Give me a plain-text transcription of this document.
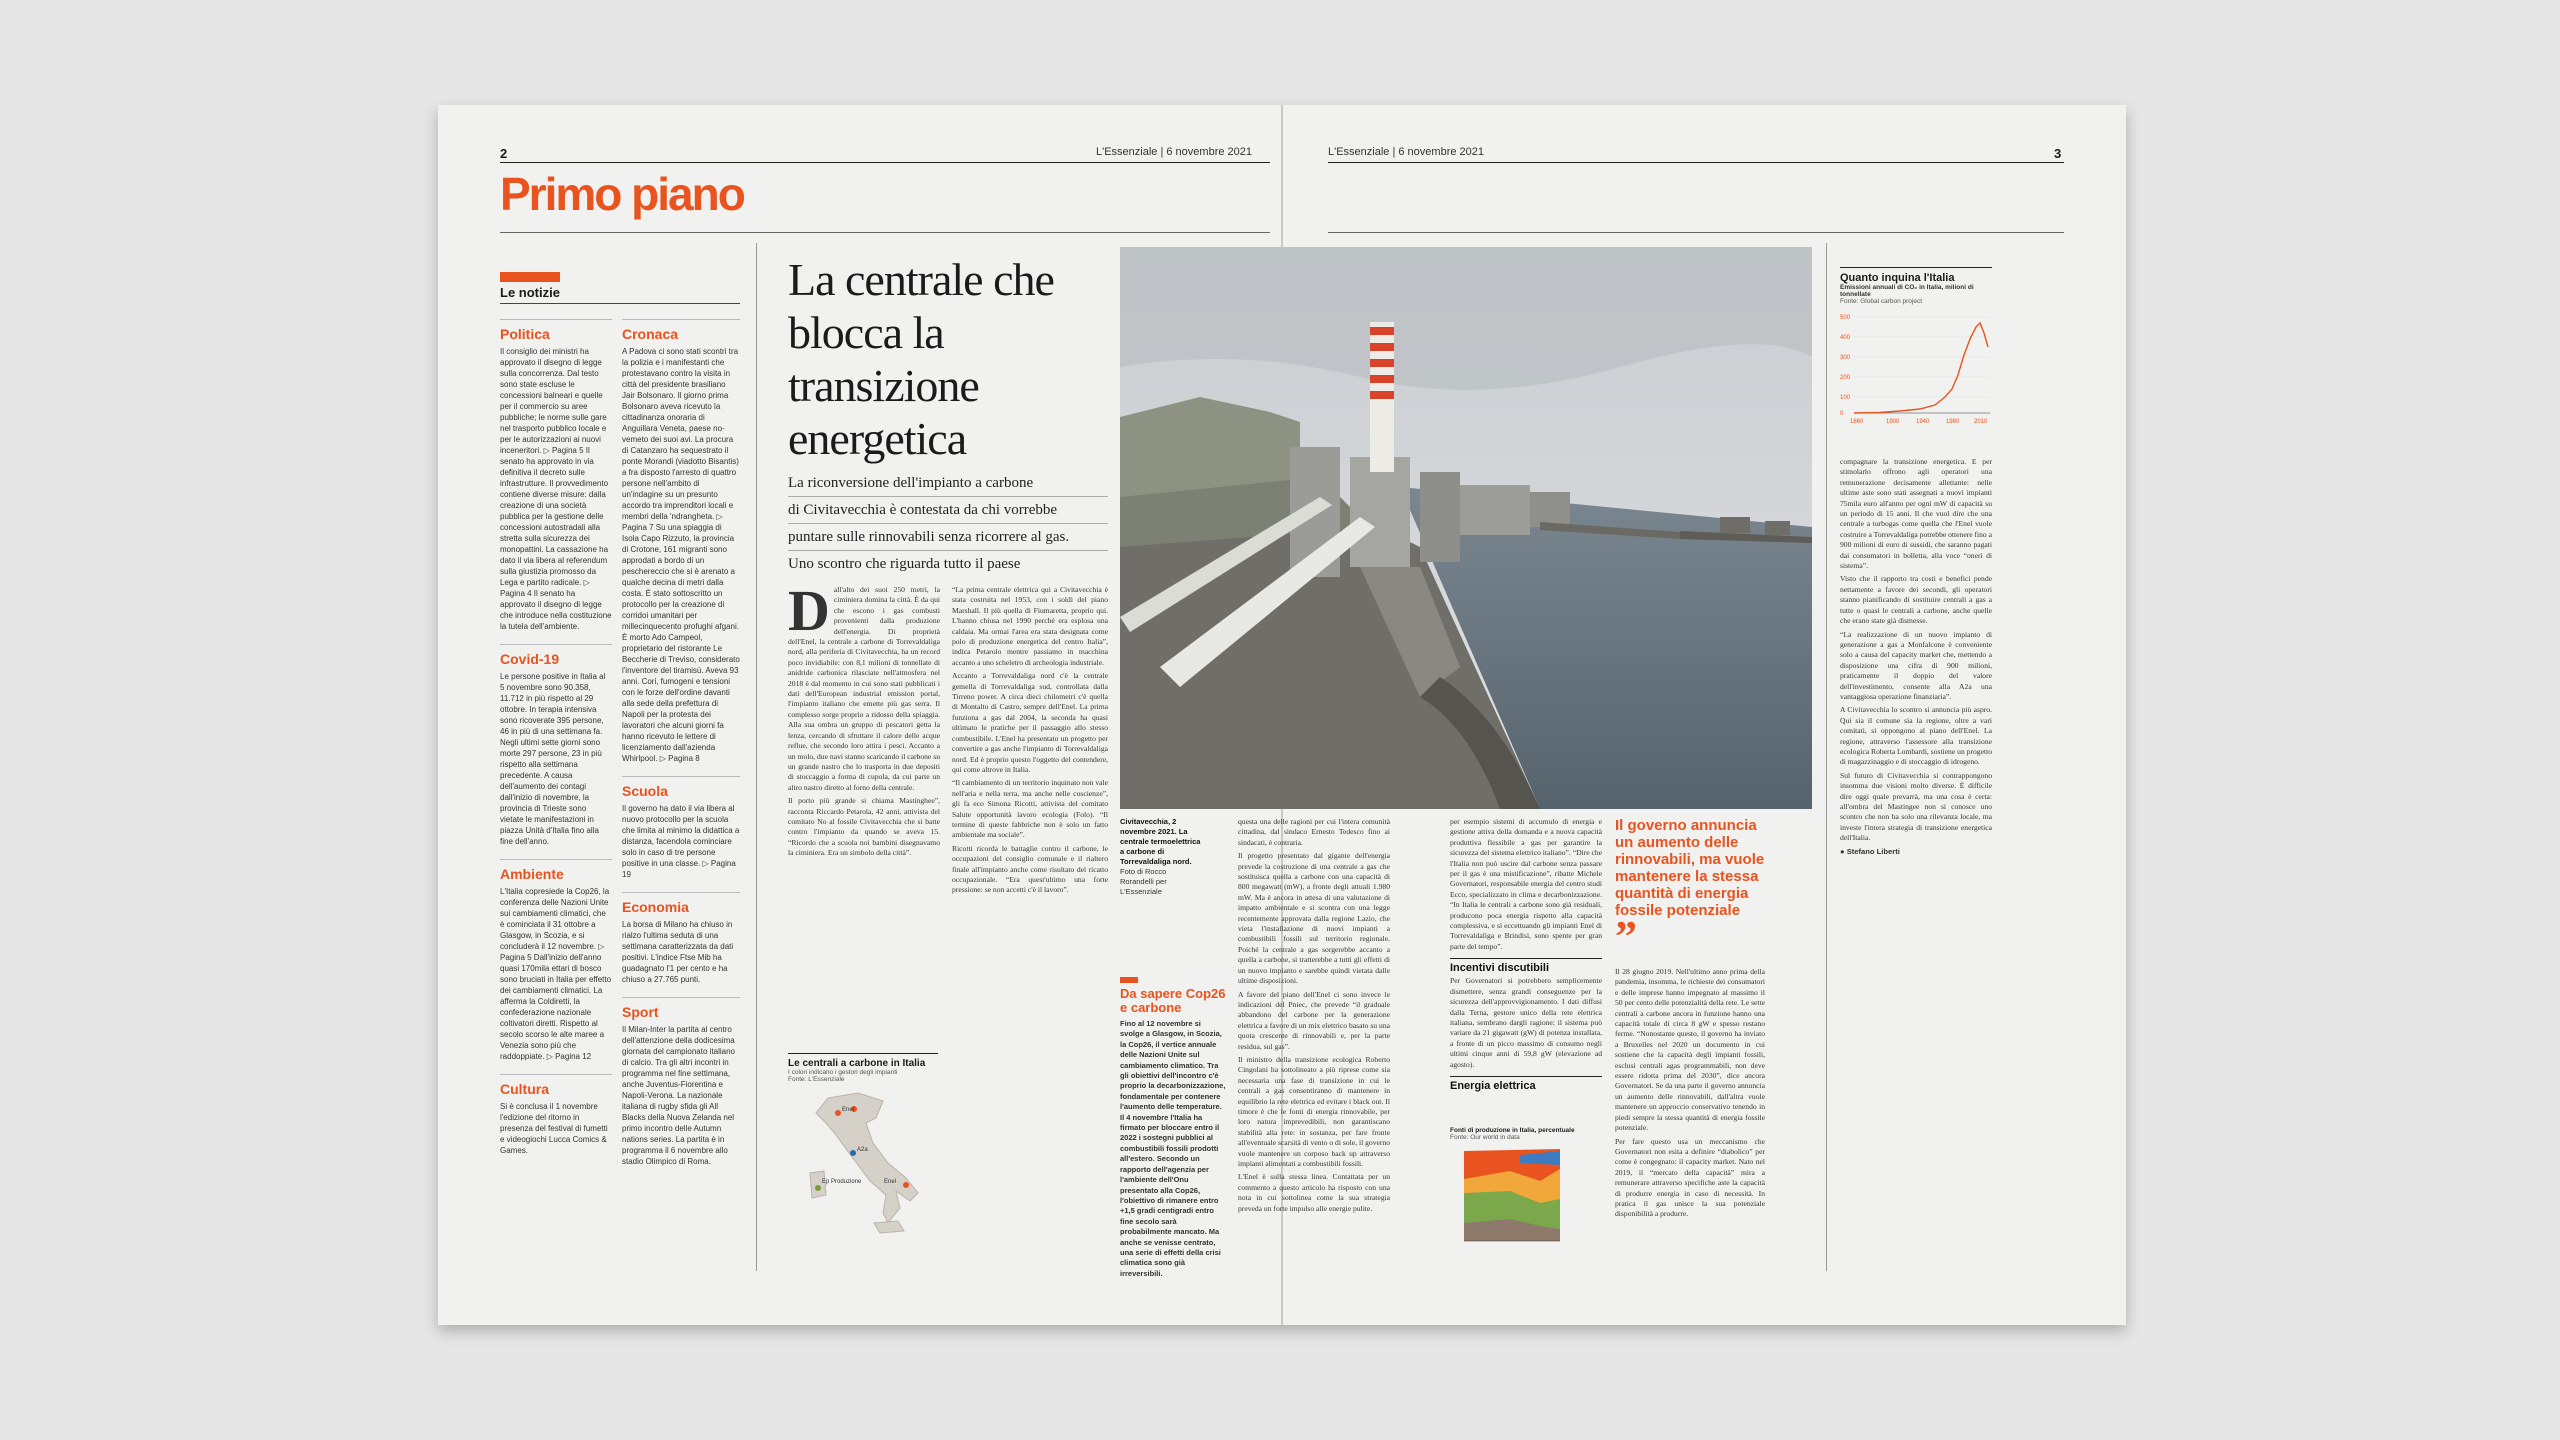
2	L'Essenziale | 6 novembre 2021
Primo piano
Le notizie
Politica
Il consiglio dei ministri ha approvato il disegno di legge sulla concorrenza. Dal testo sono state escluse le concessioni balneari e quelle per il commercio su aree pubbliche; le norme sulle gare nel trasporto pubblico locale e per le autorizzazioni ai nuovi inceneritori. ▷ Pagina 5 Il senato ha approvato in via definitiva il decreto sulle infrastrutture. Il provvedimento contiene diverse misure: dalla creazione di una società pubblica per la gestione delle concessioni autostradali alla stretta sulla sicurezza dei monopattini. La cassazione ha dato il via libera al referendum sulla giustizia promosso da Lega e partito radicale. ▷ Pagina 4 Il senato ha approvato il disegno di legge che introduce nella costituzione la tutela dell'ambiente.
Covid-19
Le persone positive in Italia al 5 novembre sono 90.358, 11.712 in più rispetto al 29 ottobre. In terapia intensiva sono ricoverate 395 persone, 46 in più di una settimana fa. Negli ultimi sette giorni sono morte 297 persone, 23 in più rispetto alla settimana precedente. A causa dell'aumento dei contagi dall'inizio di novembre, la provincia di Trieste sono vietate le manifestazioni in piazza Unità d'Italia fino alla fine dell'anno.
Ambiente
L'Italia copresiede la Cop26, la conferenza delle Nazioni Unite sui cambiamenti climatici, che è cominciata il 31 ottobre a Glasgow, in Scozia, e si concluderà il 12 novembre. ▷ Pagina 5 Dall'inizio dell'anno quasi 170mila ettari di bosco sono bruciati in Italia per effetto dei cambiamenti climatici. La afferma la Coldiretti, la confederazione nazionale coltivatori diretti. Rispetto al secolo scorso le alte maree a Venezia sono più che raddoppiate. ▷ Pagina 12
Cultura
Si è conclusa il 1 novembre l'edizione del ritorno in presenza del festival di fumetti e videogiochi Lucca Comics & Games.
Cronaca
A Padova ci sono stati scontri tra la polizia e i manifestanti che protestavano contro la visita in città del presidente brasiliano Jair Bolsonaro. Il giorno prima Bolsonaro aveva ricevuto la cittadinanza onoraria di Anguillara Veneta, paese no-vemeto dei suoi avi. La procura di Catanzaro ha sequestrato il ponte Morandi (viadotto Bisantis) a fra disposto l'arresto di quattro persone nell'ambito di un'indagine su un presunto accordo tra imprenditori locali e membri della 'ndrangheta. ▷ Pagina 7 Su una spiaggia di Isola Capo Rizzuto, la provincia di Crotone, 161 migranti sono approdati a bordo di un peschereccio che si è arenato a qualche decina di metri dalla costa. È stato sottoscritto un protocollo per la creazione di corridoi umanitari per millecinquecento profughi afgani. È morto Ado Campeol, proprietario del ristorante Le Beccherie di Treviso, considerato l'inventore del tiramisù. Aveva 93 anni. Cori, fumogeni e tensioni con le forze dell'ordine davanti alla sede della prefettura di Napoli per la protesta dei lavoratori che alcuni giorni fa hanno ricevuto le lettere di licenziamento dall'azienda Whirlpool. ▷ Pagina 8
Scuola
Il governo ha dato il via libera al nuovo protocollo per la scuola che limita al minimo la didattica a distanza, facendola cominciare solo in caso di tre persone positive in una classe. ▷ Pagina 19
Economia
La borsa di Milano ha chiuso in rialzo l'ultima seduta di una settimana caratterizzata da dati positivi. L'indice Ftse Mib ha guadagnato l'1 per cento e ha chiuso a 27.765 punti.
Sport
Il Milan-Inter la partita al centro dell'attenzione della dodicesima giornata del campionato italiano di calcio. Tra gli altri incontri in programma nel fine settimana, anche Juventus-Fiorentina e Napoli-Verona. La nazionale italiana di rugby sfida gli All Blacks della Nuova Zelanda nel primo incontro delle Autumn nations series. La partita è in programma il 6 novembre allo stadio Olimpico di Roma.
La centrale che blocca la transizione energetica
La riconversione dell'impianto a carbone
di Civitavecchia è contestata da chi vorrebbe
puntare sulle rinnovabili senza ricorrere al gas.
Uno scontro che riguarda tutto il paese
D all'alto dei suoi 250 metri, la ciminiera domina la città. È da qui che escono i gas combusti provenienti dalla produzione dell'energia. Di proprietà dell'Enel, la centrale a carbone di Torrevaldaliga nord, alla periferia di Civitavecchia, ha un record poco invidiabile: con 8,1 milioni di tonnellate di anidride carbonica rilasciate nell'atmosfera nel 2018 è dal momento in cui sono stati pubblicati i dati dell'European industrial emission portal, l'impianto italiano che emette più gas serra. Il complesso sorge proprio a ridosso della spiaggia. Alla sua ombra un gruppo di pescatori getta la lenza, cercando di sfruttare il calore delle acque reflue, che secondo loro attira i pesci. Accanto a un molo, due navi stanno scaricando il carbone su un grande nastro che lo trasporta in due depositi di stoccaggio a forma di cupola, da cui parte un altro nastro diretto al forno della centrale.

Il porto più grande si chiama Mastinghee”, racconta Riccardo Petarola, 42 anni, attivista del comitato No al fossile Civitavecchia che si batte contro l'impianto da quando se aveva 15. “Ricordo che a scuola noi bambini disegnavamo la ciminiera. Era un simbolo della città”.

“La prima centrale elettrica qui a Civitavecchia è stata costruita nel 1953, con i soldi del piano Marshall. Il più quella di Fiumaretta, proprio qui. L'hanno chiusa nel 1990 perché era esplosa una caldaia. Ma ormai l'area era stata designata come polo di produzione energetica del centro Italia”, indica Petarolo mentre passiamo in macchina accanto a uno scheletro di archeologia industriale.

Accanto a Torrevaldaliga nord c'è la centrale gemella di Torrevaldaliga sud, controllata dalla Tirreno power. A circa dieci chilometri c'è quella di Montalto di Castro, sempre dell'Enel. La prima funziona a gas dal 2004, la seconda ha quasi ultimato le pratiche per il passaggio allo stesso combustibile. L'Enel ha presentato un progetto per convertire a gas anche l'impianto di Torrevaldaliga nord. Ed è proprio questo l'oggetto del contendere, qui come altrove in Italia.

“Il cambiamento di un territorio inquinato non vale nell'aria e nella terra, ma anche nelle coscienze”, gli fa eco Simona Ricotti, attivista del comitato Salute opportunità lavoro ecologia (Folo). “Il termine di queste fabbriche non è solo un fatto ambientale ma sociale”.

Ricotti ricorda le battaglie contro il carbone, le occupazioni del consiglio comunale e il rialtero finale all'impianto anche come risultato del ricatto occupazionale. “Era quest'ultimo una forte pressione: se non accetti c'è il lavoro”.

Le centrali a carbone in Italia
I colori indicano i gestori degli impianti
Fonte: L'Essenziale
Enel
A2a
Ep Produzione	Enel
Civitavecchia, 2 novembre 2021. La centrale termoelettrica a carbone di Torrevaldaliga nord.
Foto di Rocco Rorandelli per L'Essenziale
Da sapere Cop26 e carbone
Fino al 12 novembre si svolge a Glasgow, in Scozia, la Cop26, il vertice annuale delle Nazioni Unite sul cambiamento climatico. Tra gli obiettivi dell'incontro c'è proprio la decarbonizzazione, fondamentale per contenere l'aumento delle temperature. Il 4 novembre l'Italia ha firmato per bloccare entro il 2022 i sostegni pubblici al combustibili fossili prodotti all'estero. Secondo un rapporto dell'agenzia per l'ambiente dell'Onu presentato alla Cop26, l'obiettivo di rimanere entro +1,5 gradi centigradi entro fine secolo sarà probabilmente mancato. Ma anche se venisse centrato, una serie di effetti della crisi climatica sono già irreversibili.
3
L'Essenziale | 6 novembre 2021

questa una delle ragioni per cui l'intera comunità cittadina, dal sindaco Ernesto Tedesco fino ai sindacati, è contraria.

Il progetto presentato dal gigante dell'energia prevede la costruzione di una centrale a gas che sostituisca quella a carbone con una capacità di 800 megawatt (mW), a fronte degli attuali 1.980 mW. Ma è ancora in attesa di una valutazione di impatto ambientale e si scontra con una legge recentemente approvata dalla regione Lazio, che vieta l'installazione di nuovi impianti a combustibili fossili sul territorio regionale. Poiché la centrale a gas sorgerebbe accanto a quella a carbone, si tratterebbe a tutti gli effetti di un nuovo impianto e sarebbe quindi vietata dalle ultime disposizioni.

A favore del piano dell'Enel ci sono invece le indicazioni del Pniec, che prevede “il graduale abbandono del carbone per la generazione elettrica a favore di un mix elettrico basato su una quota crescente di rinnovabili e, per la parte residua, sul gas”.

Il ministro della transizione ecologica Roberto Cingolani ha sottolineato a più riprese come sia necessaria una fase di transizione in cui le centrali a gas consentiranno di mantenere in equilibrio la rete elettrica ed evitare i black out. Il timore è che le fonti di energia rinnovabile, per loro natura imprevedibili, non garantiscano stabilità alla rete: in sostanza, per fare fronte all'eventuale scarsità di vento o di sole, il governo vuole mantenere un corposo back up attraverso impianti alimentati a combustibili fossili.

L'Enel è sulla stessa linea. Contattata per un commento a questo articolo ha risposto con una nota in cui sottolinea come la sua strategia preveda un forte impulso alle energie pulite.

per esempio sistemi di accumulo di energia e gestione attiva della domanda e a nuova capacità produttiva flessibile a gas per garantire la sicurezza del sistema elettrico italiano”. “Dire che l'Italia non può uscire dal carbone senza passare per il gas è una mistificazione”, ribatte Michele Governatori, responsabile energia del centro studi Ecco, specializzato in clima e decarbonizzazione. “In Italia le centrali a carbone sono già residuali, producono poca energia rispetto alla capacità complessiva, e sì eccettuando gli impianti Enel di Torrevaldaliga e Brindisi, sono spente per gran parte del tempo”.

Incentivi discutibili

Per Governatori si potrebbero semplicemente dismettere, senza grandi conseguenze per la sicurezza dell'approvvigionamento. I dati diffusi dalla Terna, gestore unico della rete elettrica italiana, sembrano dargli ragione: il sistema può variare da 21 gigawatt (gW) di potenza installata, a fronte di un picco massimo di consumo negli ultimi cinque anni di 59,8 gW (elevazione ad agosto).

Energia elettrica
Fonti di produzione in Italia, percentuale
Fonte: Our world in data
Il governo annuncia un aumento delle rinnovabili, ma vuole mantenere la stessa quantità di energia fossile potenziale
”

Il 28 giugno 2019. Nell'ultimo anno prima della pandemia, insomma, le richieste dei consumatori e delle imprese hanno impegnato al massimo il 50 per cento delle potenzialità della rete. Le sette centrali a carbone ancora in funzione hanno una capacità totale di circa 8 gW e spesso restano ferme. “Nonostante questo, il governo ha inviato a Bruxelles nel 2020 un documento in cui sostiene che la capacità degli impianti fossili, esclusi centrali agas programmabili, non deve essere ridotta prima del 2030”, dice ancora Governatori. Se da una parte il governo annuncia un aumento delle rinnovabili, dall'altra vuole mantenere un approccio conservativo tenendo in piedi sempre la stessa quantità di energia fossile potenziale.

Per fare questo usa un meccanismo che Governatori non esita a definire “diabolico” per come è congegnato: il capacity market. Nato nel 2019, il “mercato della capacità” mira a remunerare attraverso specifiche aste la capacità di produrre energia in caso di necessità. In pratica il gas unisce la sua potenziale disponibilità a produrre.

Quanto inquina l'Italia
Emissioni annuali di CO₂ in Italia, milioni di tonnellate
Fonte: Global carbon project
500
400
300
200
100
0
1860	1900	1940	1980 2010

compagnare la transizione energetica. E per stimolarlo offrono agli operatori una remunerazione decisamente allettante: nelle ultime aste sono stati assegnati a nuovi impianti 75mila euro all'anno per ogni mW di capacità su un periodo di 15 anni. Il che vuol dire che una centrale a turbogas come quella che l'Enel vuole costruire a Torrevaldaliga potrebbe ottenere fino a 900 milioni di euro di sussidi, che saranno pagati dai consumatori in bolletta, alla voce “oneri di sistema”.

Visto che il rapporto tra costi e benefici pende nettamente a favore dei secondi, gli operatori stanno pianificando di sostituire centrali a gas a tutte o quasi le centrali a carbone, anche quelle che erano state già dismesse.

“La realizzazione di un nuovo impianto di generazione a gas a Monfalcone è conveniente solo a causa del capacity market che, mettendo a disposizione una cifra di 900 milioni, praticamente il doppio del valore dell'investimento, consente alla A2a una vantaggiosa operazione finanziaria”.

A Civitavecchia lo scontro si annuncia più aspro. Qui sia il comune sia la regione, oltre a vari comitati, si oppongono al piano dell'Enel. La regione, attraverso l'assessore alla transizione ecologica Roberta Lombardi, sostiene un progetto di magazzinaggio e di stoccaggio di idrogeno.

Sul futuro di Civitavecchia si contrappongono insomma due visioni molto diverse. È difficile dire oggi quale prevarrà, ma una cosa è certa: all'ombra del Mastingee non si conosce uno scontro che non ha solo una rilevanza locale, ma investe l'intera strategia di transizione energetica dell'Italia.

● Stefano Liberti
